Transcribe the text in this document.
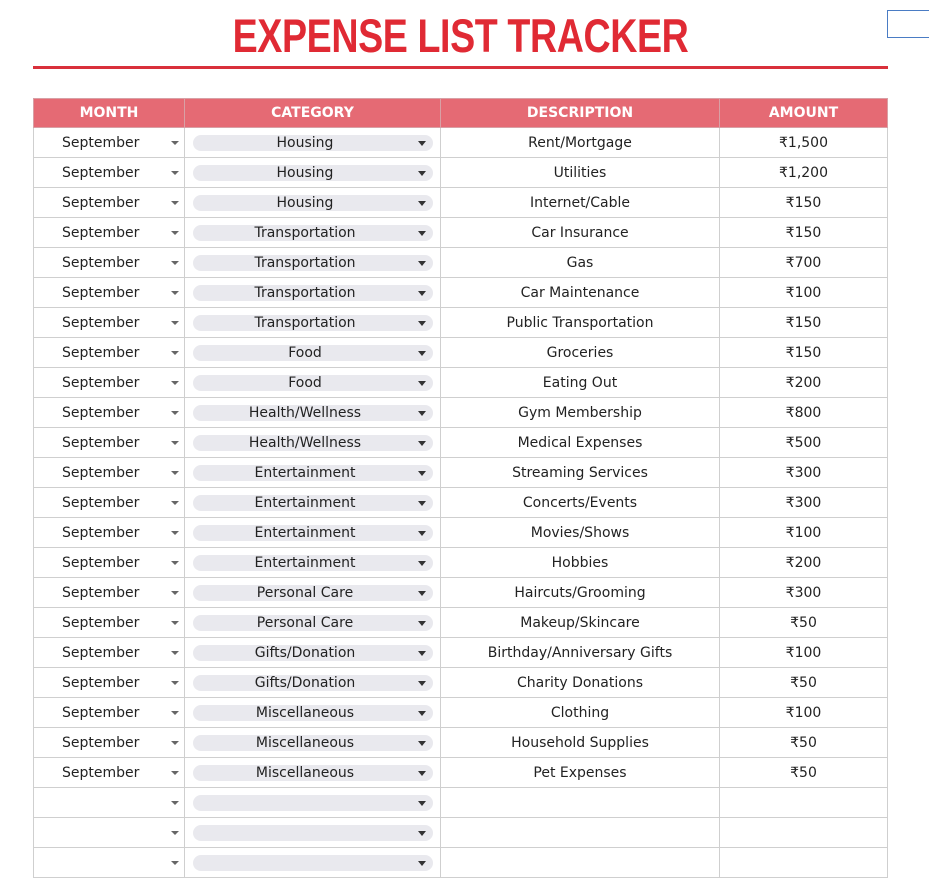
EXPENSE LIST TRACKER
MONTH	CATEGORY	DESCRIPTION	AMOUNT
September	Housing	Rent/Mortgage	₹1,500
September	Housing	Utilities	₹1,200
September	Housing	Internet/Cable	₹150
September	Transportation	Car Insurance	₹150
September	Transportation	Gas	₹700
September	Transportation	Car Maintenance	₹100
September	Transportation	Public Transportation	₹150
September	Food	Groceries	₹150
September	Food	Eating Out	₹200
September	Health/Wellness	Gym Membership	₹800
September	Health/Wellness	Medical Expenses	₹500
September	Entertainment	Streaming Services	₹300
September	Entertainment	Concerts/Events	₹300
September	Entertainment	Movies/Shows	₹100
September	Entertainment	Hobbies	₹200
September	Personal Care	Haircuts/Grooming	₹300
September	Personal Care	Makeup/Skincare	₹50
September	Gifts/Donation	Birthday/Anniversary Gifts	₹100
September	Gifts/Donation	Charity Donations	₹50
September	Miscellaneous	Clothing	₹100
September	Miscellaneous	Household Supplies	₹50
September	Miscellaneous	Pet Expenses	₹50
